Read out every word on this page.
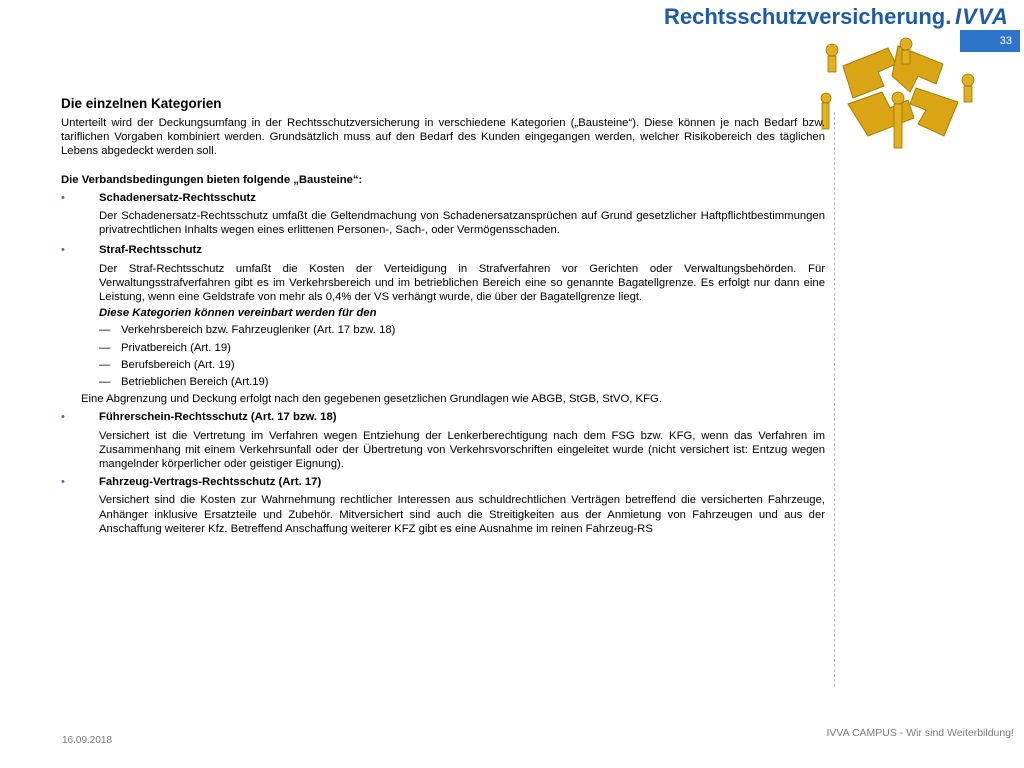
Rechtsschutzversicherung. IVVA
33
Die einzelnen Kategorien
Unterteilt wird der Deckungsumfang in der Rechtsschutzversicherung in verschiedene Kategorien („Bausteine“). Diese können je nach Bedarf bzw. tariflichen Vorgaben kombiniert werden. Grundsätzlich muss auf den Bedarf des Kunden eingegangen werden, welcher Risikobereich des täglichen Lebens abgedeckt werden soll.
Die Verbandsbedingungen bieten folgende „Bausteine“:
•	Schadenersatz-Rechtsschutz
Der Schadenersatz-Rechtsschutz umfaßt die Geltendmachung von Schadenersatzansprüchen auf Grund gesetzlicher Haftpflichtbestimmungen privatrechtlichen Inhalts wegen eines erlittenen Personen-, Sach-, oder Vermögensschaden.
•	Straf-Rechtsschutz
Der Straf-Rechtsschutz umfaßt die Kosten der Verteidigung in Strafverfahren vor Gerichten oder Verwaltungsbehörden. Für Verwaltungsstrafverfahren gibt es im Verkehrsbereich und im betrieblichen Bereich eine so genannte Bagatellgrenze. Es erfolgt nur dann eine Leistung, wenn eine Geldstrafe von mehr als 0,4% der VS verhängt wurde, die über der Bagatellgrenze liegt.
Diese Kategorien können vereinbart werden für den
— Verkehrsbereich bzw. Fahrzeuglenker (Art. 17 bzw. 18)
— Privatbereich (Art. 19)
— Berufsbereich (Art. 19)
— Betrieblichen Bereich (Art.19)
Eine Abgrenzung und Deckung erfolgt nach den gegebenen gesetzlichen Grundlagen wie ABGB, StGB, StVO, KFG.
•	Führerschein-Rechtsschutz (Art. 17 bzw. 18)
Versichert ist die Vertretung im Verfahren wegen Entziehung der Lenkerberechtigung nach dem FSG bzw. KFG, wenn das Verfahren im Zusammenhang mit einem Verkehrsunfall oder der Übertretung von Verkehrsvorschriften eingeleitet wurde (nicht versichert ist: Entzug wegen mangelnder körperlicher oder geistiger Eignung).
•	Fahrzeug-Vertrags-Rechtsschutz (Art. 17)
Versichert sind die Kosten zur Wahrnehmung rechtlicher Interessen aus schuldrechtlichen Verträgen betreffend die versicherten Fahrzeuge, Anhänger inklusive Ersatzteile und Zubehör. Mitversichert sind auch die Streitigkeiten aus der Anmietung von Fahrzeugen und aus der Anschaffung weiterer Kfz. Betreffend Anschaffung weiterer KFZ gibt es eine Ausnahme im reinen Fahrzeug-RS
16.09.2018
IVVA CAMPUS - Wir sind Weiterbildung!
